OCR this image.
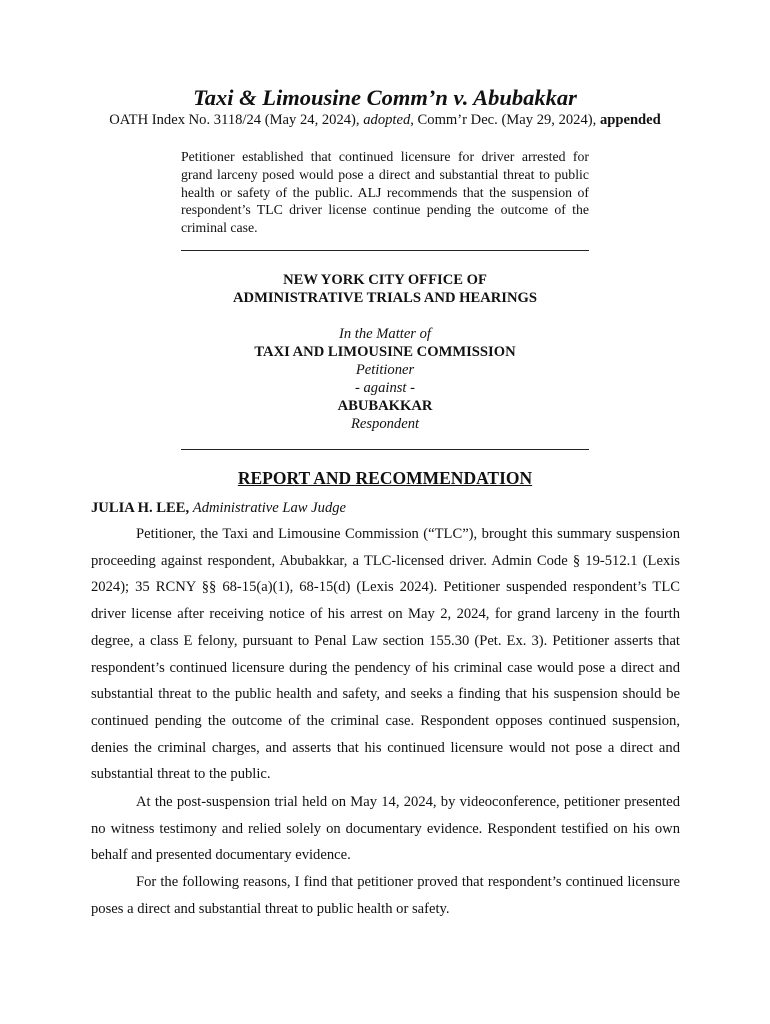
Taxi & Limousine Comm’n v. Abubakkar
OATH Index No. 3118/24 (May 24, 2024), adopted, Comm’r Dec. (May 29, 2024), appended
Petitioner established that continued licensure for driver arrested for grand larceny posed would pose a direct and substantial threat to public health or safety of the public. ALJ recommends that the suspension of respondent’s TLC driver license continue pending the outcome of the criminal case.
NEW YORK CITY OFFICE OF
ADMINISTRATIVE TRIALS AND HEARINGS
In the Matter of
TAXI AND LIMOUSINE COMMISSION
Petitioner
- against -
ABUBAKKAR
Respondent
REPORT AND RECOMMENDATION
JULIA H. LEE, Administrative Law Judge

Petitioner, the Taxi and Limousine Commission (“TLC”), brought this summary suspension proceeding against respondent, Abubakkar, a TLC-licensed driver. Admin Code § 19-512.1 (Lexis 2024); 35 RCNY §§ 68-15(a)(1), 68-15(d) (Lexis 2024). Petitioner suspended respondent’s TLC driver license after receiving notice of his arrest on May 2, 2024, for grand larceny in the fourth degree, a class E felony, pursuant to Penal Law section 155.30 (Pet. Ex. 3). Petitioner asserts that respondent’s continued licensure during the pendency of his criminal case would pose a direct and substantial threat to the public health and safety, and seeks a finding that his suspension should be continued pending the outcome of the criminal case. Respondent opposes continued suspension, denies the criminal charges, and asserts that his continued licensure would not pose a direct and substantial threat to the public.

At the post-suspension trial held on May 14, 2024, by videoconference, petitioner presented no witness testimony and relied solely on documentary evidence. Respondent testified on his own behalf and presented documentary evidence.

For the following reasons, I find that petitioner proved that respondent’s continued licensure poses a direct and substantial threat to public health or safety.
